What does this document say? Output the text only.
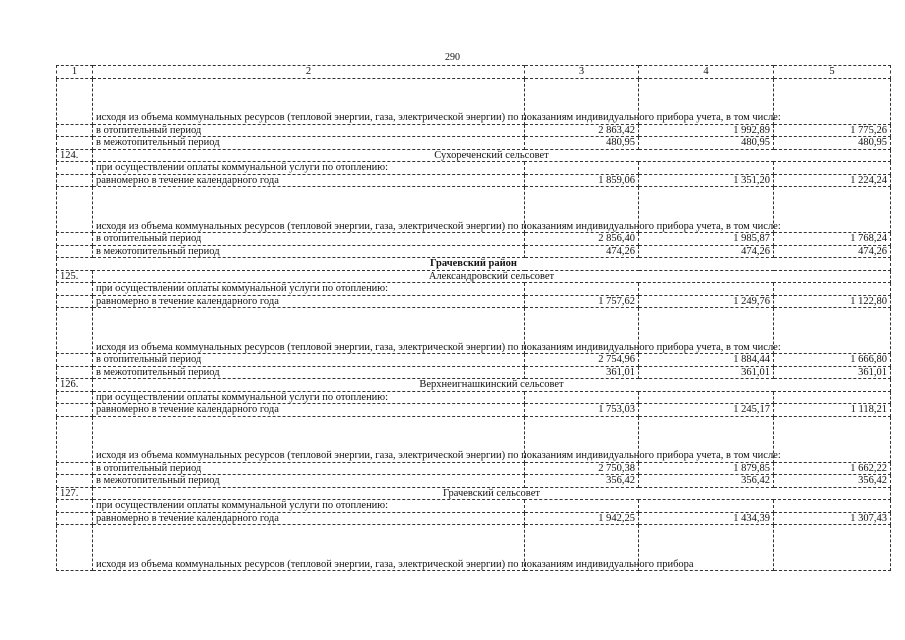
290
1	2	3	4	5
	исходя из объема коммунальных ресурсов (тепловой энергии, газа, электрической энергии) по показаниям индивидуального прибора учета, в том числе:			
	в отопительный период	2 863,42	1 992,89	1 775,26
	в межотопительный период	480,95	480,95	480,95
124.	Сухореченский сельсовет			
	при осуществлении оплаты коммунальной услуги по отоплению:			
	равномерно в течение календарного года	1 859,06	1 351,20	1 224,24
	исходя из объема коммунальных ресурсов (тепловой энергии, газа, электрической энергии) по показаниям индивидуального прибора учета, в том числе:			
	в отопительный период	2 856,40	1 985,87	1 768,24
	в межотопительный период	474,26	474,26	474,26
Грачевский район				
125.	Александровский сельсовет			
	при осуществлении оплаты коммунальной услуги по отоплению:			
	равномерно в течение календарного года	1 757,62	1 249,76	1 122,80
	исходя из объема коммунальных ресурсов (тепловой энергии, газа, электрической энергии) по показаниям индивидуального прибора учета, в том числе:			
	в отопительный период	2 754,96	1 884,44	1 666,80
	в межотопительный период	361,01	361,01	361,01
126.	Верхнеигнашкинский сельсовет			
	при осуществлении оплаты коммунальной услуги по отоплению:			
	равномерно в течение календарного года	1 753,03	1 245,17	1 118,21
	исходя из объема коммунальных ресурсов (тепловой энергии, газа, электрической энергии) по показаниям индивидуального прибора учета, в том числе:			
	в отопительный период	2 750,38	1 879,85	1 662,22
	в межотопительный период	356,42	356,42	356,42
127.	Грачевский сельсовет			
	при осуществлении оплаты коммунальной услуги по отоплению:			
	равномерно в течение календарного года	1 942,25	1 434,39	1 307,43
	исходя из объема коммунальных ресурсов (тепловой энергии, газа, электрической энергии) по показаниям индивидуального прибора			
